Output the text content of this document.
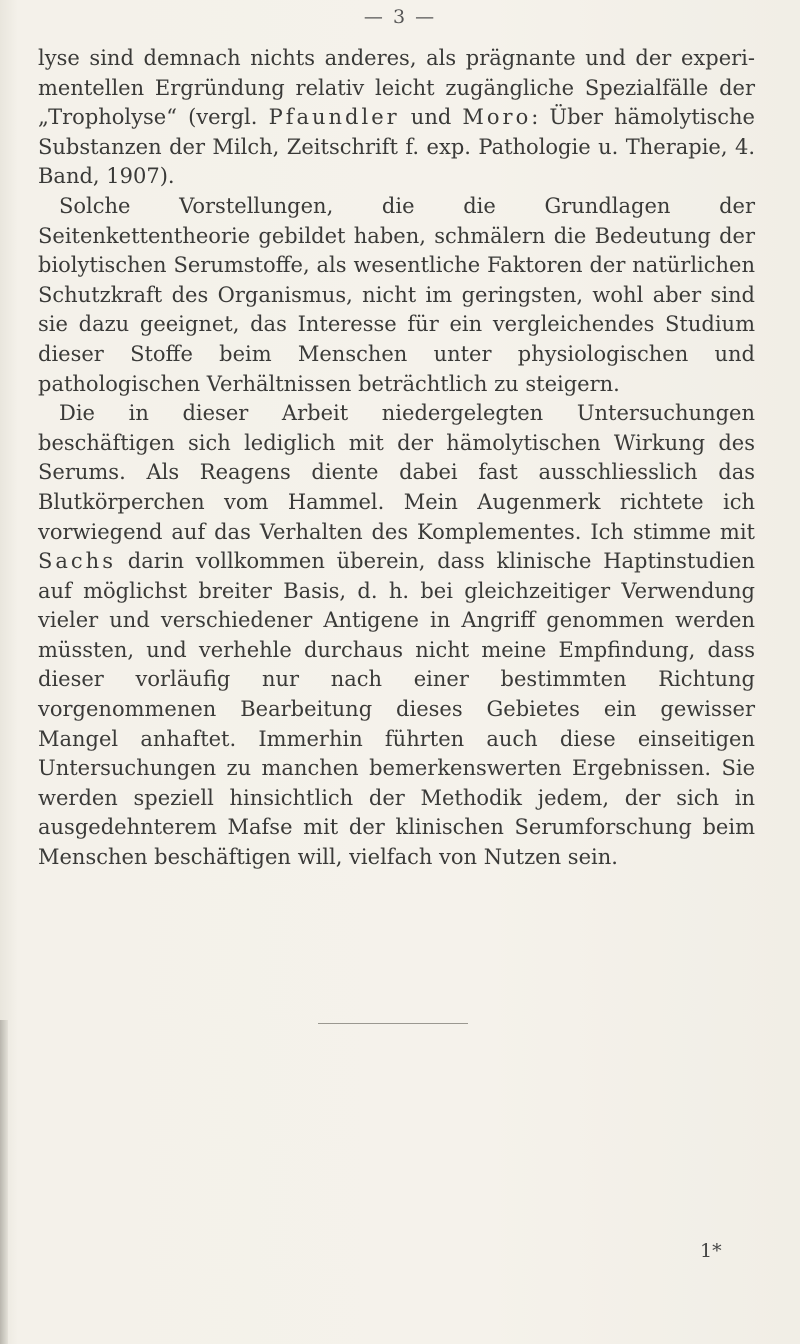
— 3 —

lyse sind demnach nichts anderes, als prägnante und der experimentellen Ergründung relativ leicht zugängliche Spezialfälle der „Tropholyse“ (vergl. Pfaundler und Moro: Über hämolytische Substanzen der Milch, Zeitschrift f. exp. Pathologie u. Therapie, 4. Band, 1907).

Solche Vorstellungen, die die Grundlagen der Seitenkettentheorie gebildet haben, schmälern die Bedeutung der biolytischen Serumstoffe, als wesentliche Faktoren der natürlichen Schutzkraft des Organismus, nicht im geringsten, wohl aber sind sie dazu geeignet, das Interesse für ein vergleichendes Studium dieser Stoffe beim Menschen unter physiologischen und pathologischen Verhältnissen beträchtlich zu steigern.

Die in dieser Arbeit niedergelegten Untersuchungen beschäftigen sich lediglich mit der hämolytischen Wirkung des Serums. Als Reagens diente dabei fast ausschliesslich das Blutkörperchen vom Hammel. Mein Augenmerk richtete ich vorwiegend auf das Verhalten des Komplementes. Ich stimme mit Sachs darin vollkommen überein, dass klinische Haptinstudien auf möglichst breiter Basis, d. h. bei gleichzeitiger Verwendung vieler und verschiedener Antigene in Angriff genommen werden müssten, und verhehle durchaus nicht meine Empfindung, dass dieser vorläufig nur nach einer bestimmten Richtung vorgenommenen Bearbeitung dieses Gebietes ein gewisser Mangel anhaftet. Immerhin führten auch diese einseitigen Untersuchungen zu manchen bemerkenswerten Ergebnissen. Sie werden speziell hinsichtlich der Methodik jedem, der sich in ausgedehnterem Mafse mit der klinischen Serumforschung beim Menschen beschäftigen will, vielfach von Nutzen sein.

1*
